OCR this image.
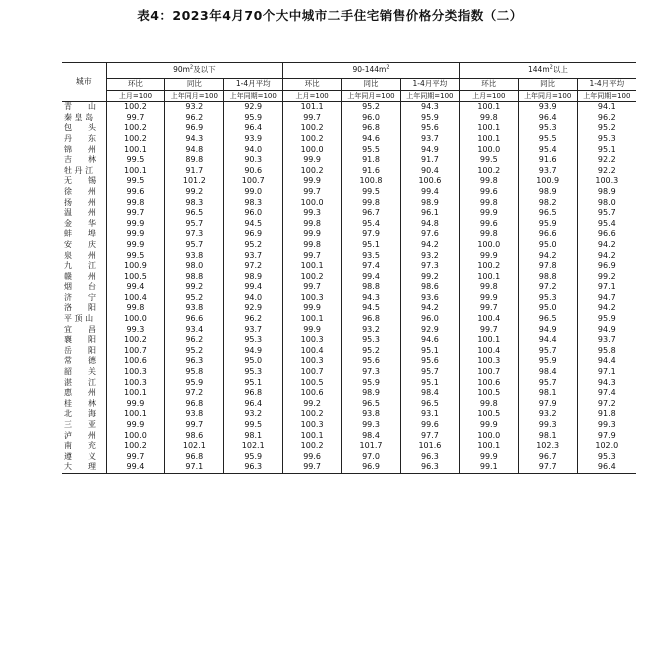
表4：2023年4月70个大中城市二手住宅销售价格分类指数（二）
城市	$90m^2$及以下			$90-144m^2$			$144m^2$以上		
	环比	同比	1-4月平均	环比	同比	1-4月平均	环比	同比	1-4月平均
	上月=100	上年同月=100	上年同期=100	上月=100	上年同月=100	上年同期=100	上月=100	上年同月=100	上年同期=100
青　　山	100.2	93.2	92.9	101.1	95.2	94.3	100.1	93.9	94.1
秦 皇 岛	99.7	96.2	95.9	99.7	96.0	95.9	99.8	96.4	96.2
包　　头	100.2	96.9	96.4	100.2	96.8	95.6	100.1	95.3	95.2
丹　　东	100.2	94.3	93.9	100.2	94.6	93.7	100.1	95.5	95.3
锦　　州	100.1	94.8	94.0	100.0	95.5	94.9	100.0	95.4	95.1
吉　　林	99.5	89.8	90.3	99.9	91.8	91.7	99.5	91.6	92.2
牡 丹 江	100.1	91.7	90.6	100.2	91.6	90.4	100.2	93.7	92.2
无　　锡	99.5	101.2	100.7	99.9	100.8	100.6	99.8	100.9	100.3
徐　　州	99.6	99.2	99.0	99.7	99.5	99.4	99.6	98.9	98.9
扬　　州	99.8	98.3	98.3	100.0	99.8	98.9	99.8	98.2	98.0
温　　州	99.7	96.5	96.0	99.3	96.7	96.1	99.9	96.5	95.7
金　　华	99.9	95.7	94.5	99.8	95.4	94.8	99.6	95.9	95.4
蚌　　埠	99.9	97.3	96.9	99.9	97.9	97.6	99.8	96.6	96.6
安　　庆	99.9	95.7	95.2	99.8	95.1	94.2	100.0	95.0	94.2
泉　　州	99.5	93.8	93.7	99.7	93.5	93.2	99.9	94.2	94.2
九　　江	100.9	98.0	97.2	100.1	97.4	97.3	100.2	97.8	96.9
赣　　州	100.5	98.8	98.9	100.2	99.4	99.2	100.1	98.8	99.2
烟　　台	99.4	99.2	99.4	99.7	98.8	98.6	99.8	97.2	97.1
济　　宁	100.4	95.2	94.0	100.3	94.3	93.6	99.9	95.3	94.7
洛　　阳	99.8	93.8	92.9	99.9	94.5	94.2	99.7	95.0	94.2
平 顶 山	100.0	96.6	96.2	100.1	96.8	96.0	100.4	96.5	95.9
宜　　昌	99.3	93.4	93.7	99.9	93.2	92.9	99.7	94.9	94.9
襄　　阳	100.2	96.2	95.3	100.3	95.3	94.6	100.1	94.4	93.7
岳　　阳	100.7	95.2	94.9	100.4	95.2	95.1	100.4	95.7	95.8
常　　德	100.6	96.3	95.0	100.3	95.6	95.6	100.3	95.9	94.4
韶　　关	100.3	95.8	95.3	100.7	97.3	95.7	100.7	98.4	97.1
湛　　江	100.3	95.9	95.1	100.5	95.9	95.1	100.6	95.7	94.3
惠　　州	100.1	97.2	96.8	100.6	98.9	98.4	100.5	98.1	97.4
桂　　林	99.9	96.8	96.4	99.2	96.5	96.5	99.8	97.9	97.2
北　　海	100.1	93.8	93.2	100.2	93.8	93.1	100.5	93.2	91.8
三　　亚	99.9	99.7	99.5	100.3	99.3	99.6	99.9	99.3	99.3
泸　　州	100.0	98.6	98.1	100.1	98.4	97.7	100.0	98.1	97.9
南　　充	100.2	102.1	102.1	100.2	101.7	101.6	100.1	102.3	102.0
遵　　义	99.7	96.8	95.9	99.6	97.0	96.3	99.9	96.7	95.3
大　　理	99.4	97.1	96.3	99.7	96.9	96.3	99.1	97.7	96.4
